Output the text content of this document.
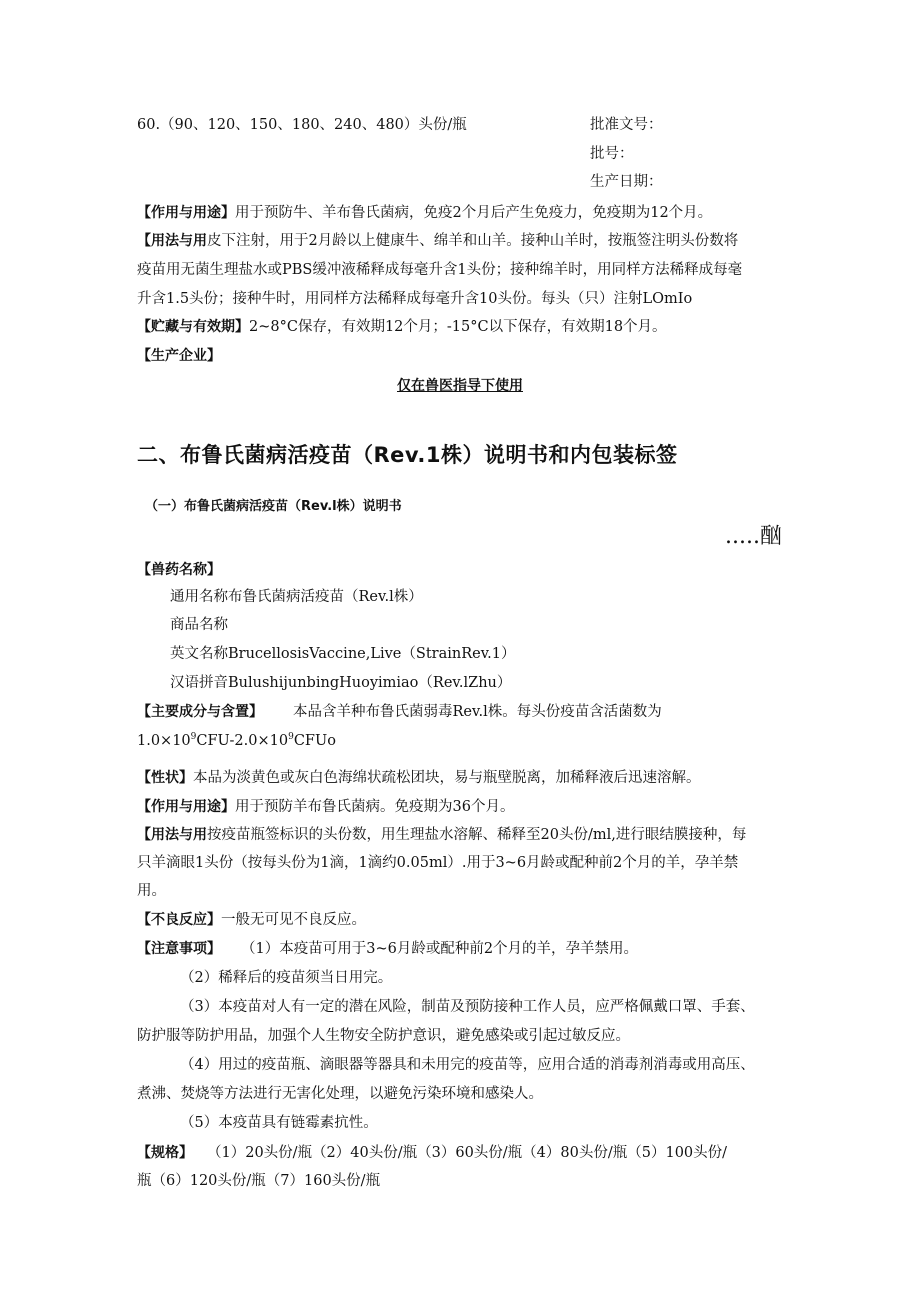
60.（90、120、150、180、240、480）头份/瓶	批准文号：
批号：
生产日期：
【作用与用途】用于预防牛、羊布鲁氏菌病，免疫2个月后产生免疫力，免疫期为12个月。
【用法与用皮下注射，用于2月龄以上健康牛、绵羊和山羊。接种山羊时，按瓶签注明头份数将
疫苗用无菌生理盐水或PBS缓冲液稀释成每毫升含1头份；接种绵羊时，用同样方法稀释成每毫
升含1.5头份；接种牛时，用同样方法稀释成每毫升含10头份。每头（只）注射LOmIo
【贮藏与有效期】2~8°C保存，有效期12个月；-15°C以下保存，有效期18个月。
【生产企业】
仅在兽医指导下使用
二、布鲁氏菌病活疫苗（Rev.1株）说明书和内包装标签
（一）布鲁氏菌病活疫苗（Rev.l株）说明书
.....酗
【兽药名称】
通用名称布鲁氏菌病活疫苗（Rev.l株）
商品名称
英文名称BrucellosisVaccine,Live（StrainRev.1）
汉语拼音BulushijunbingHuoyimiao（Rev.lZhu）
【主要成分与含置】 本品含羊种布鲁氏菌弱毒Rev.l株。每头份疫苗含活菌数为
$1.0\times 10^9CFU-2.0\times 10^9CFUo$
【性状】本品为淡黄色或灰白色海绵状疏松团块，易与瓶壁脱离，加稀释液后迅速溶解。
【作用与用途】用于预防羊布鲁氏菌病。免疫期为36个月。
【用法与用按疫苗瓶签标识的头份数，用生理盐水溶解、稀释至20头份/ml,进行眼结膜接种，每
只羊滴眼1头份（按每头份为1滴，1滴约0.05ml）.用于3~6月龄或配种前2个月的羊，孕羊禁
用。
【不良反应】一般无可见不良反应。
【注意事项】 （1）本疫苗可用于3~6月龄或配种前2个月的羊，孕羊禁用。
（2）稀释后的疫苗须当日用完。
（3）本疫苗对人有一定的潜在风险，制苗及预防接种工作人员，应严格佩戴口罩、手套、
防护服等防护用品，加强个人生物安全防护意识，避免感染或引起过敏反应。
（4）用过的疫苗瓶、滴眼器等器具和未用完的疫苗等，应用合适的消毒剂消毒或用高压、
煮沸、焚烧等方法进行无害化处理，以避免污染环境和感染人。
（5）本疫苗具有链霉素抗性。
【规格】 （1）20头份/瓶（2）40头份/瓶（3）60头份/瓶（4）80头份/瓶（5）100头份/
瓶（6）120头份/瓶（7）160头份/瓶
